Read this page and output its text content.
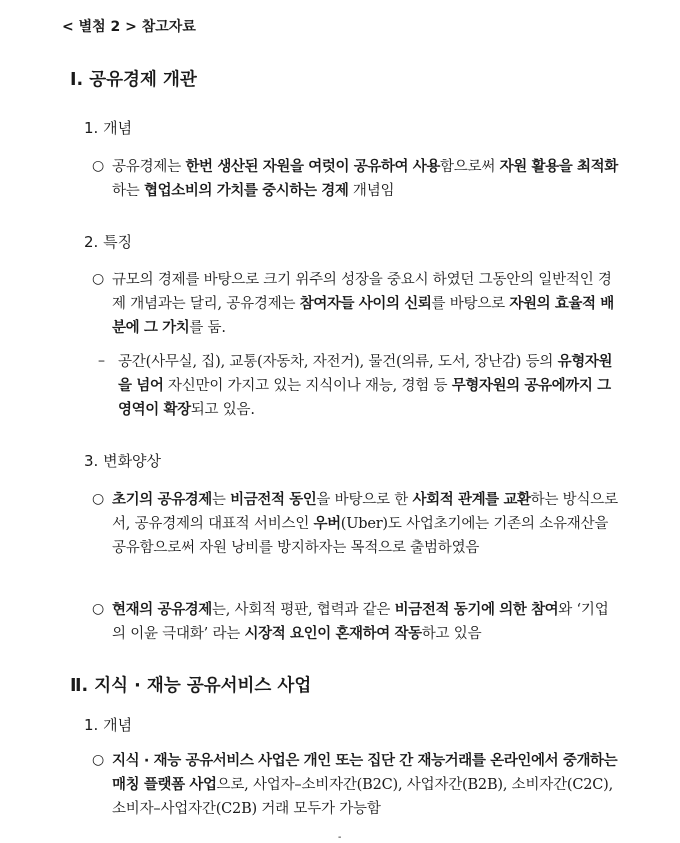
< 별첨 2 > 참고자료
Ⅰ. 공유경제 개관
1. 개념
○ 공유경제는 한번 생산된 자원을 여럿이 공유하여 사용함으로써 자원 활용을 최적화하는 협업소비의 가치를 중시하는 경제 개념임
2. 특징
○ 규모의 경제를 바탕으로 크기 위주의 성장을 중요시 하였던 그동안의 일반적인 경제 개념과는 달리, 공유경제는 참여자들 사이의 신뢰를 바탕으로 자원의 효율적 배분에 그 가치를 둠.
– 공간(사무실, 집), 교통(자동차, 자전거), 물건(의류, 도서, 장난감) 등의 유형자원을 넘어 자신만이 가지고 있는 지식이나 재능, 경험 등 무형자원의 공유에까지 그 영역이 확장되고 있음.
3. 변화양상
○ 초기의 공유경제는 비금전적 동인을 바탕으로 한 사회적 관계를 교환하는 방식으로서, 공유경제의 대표적 서비스인 우버(Uber)도 사업초기에는 기존의 소유재산을 공유함으로써 자원 낭비를 방지하자는 목적으로 출범하였음
○ 현재의 공유경제는, 사회적 평판, 협력과 같은 비금전적 동기에 의한 참여와 ‘기업의 이윤 극대화’ 라는 시장적 요인이 혼재하여 작동하고 있음
Ⅱ. 지식 · 재능 공유서비스 사업
1. 개념
○ 지식 · 재능 공유서비스 사업은 개인 또는 집단 간 재능거래를 온라인에서 중개하는 매칭 플랫폼 사업으로, 사업자–소비자간(B2C), 사업자간(B2B), 소비자간(C2C), 소비자–사업자간(C2B) 거래 모두가 가능함
-
